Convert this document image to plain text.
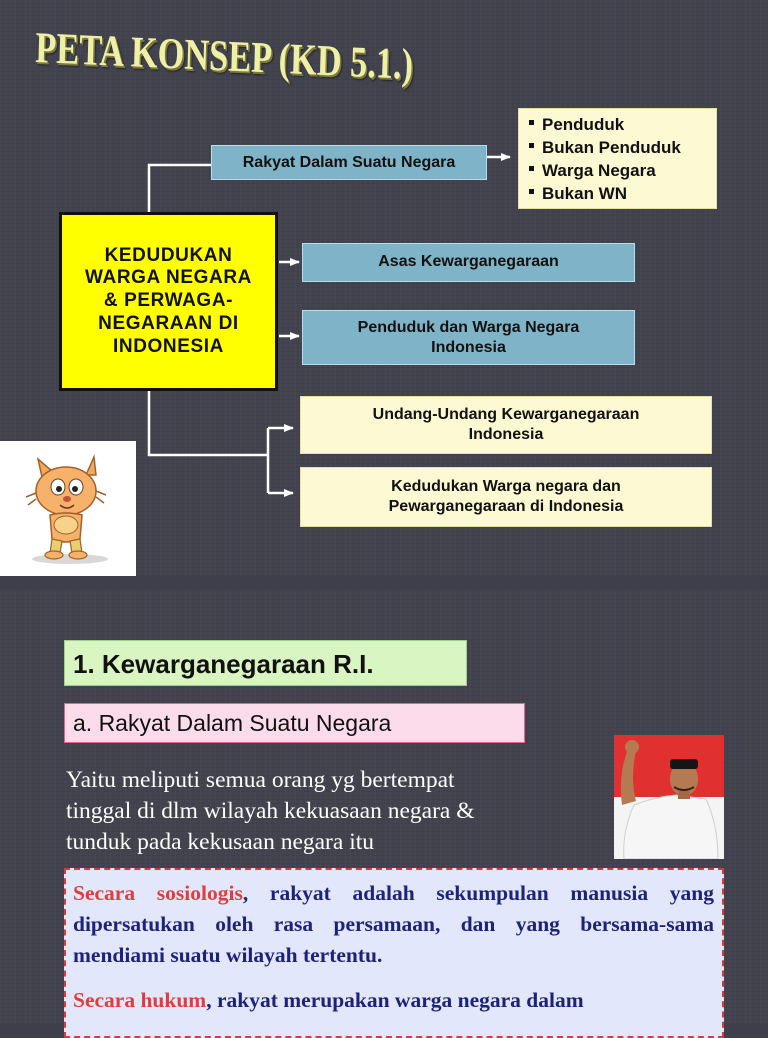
PETA KONSEP (KD 5.1.)
Rakyat Dalam Suatu Negara
Penduduk
Bukan Penduduk
Warga Negara
Bukan WN
KEDUDUKAN
WARGA NEGARA
& PERWAGA-
NEGARAAN DI
INDONESIA
Asas Kewarganegaraan
Penduduk dan Warga Negara Indonesia
Undang-Undang Kewarganegaraan Indonesia
Kedudukan Warga negara dan Pewarganegaraan di Indonesia
1. Kewarganegaraan R.I.
a. Rakyat Dalam Suatu Negara

Yaitu meliputi semua orang yg bertempat
tinggal di dlm wilayah kekuasaan negara &
tunduk pada kekusaan negara itu

Secara sosiologis, rakyat adalah sekumpulan manusia yang dipersatukan oleh rasa persamaan, dan yang bersama-sama mendiami suatu wilayah tertentu.

Secara hukum, rakyat merupakan warga negara dalam
